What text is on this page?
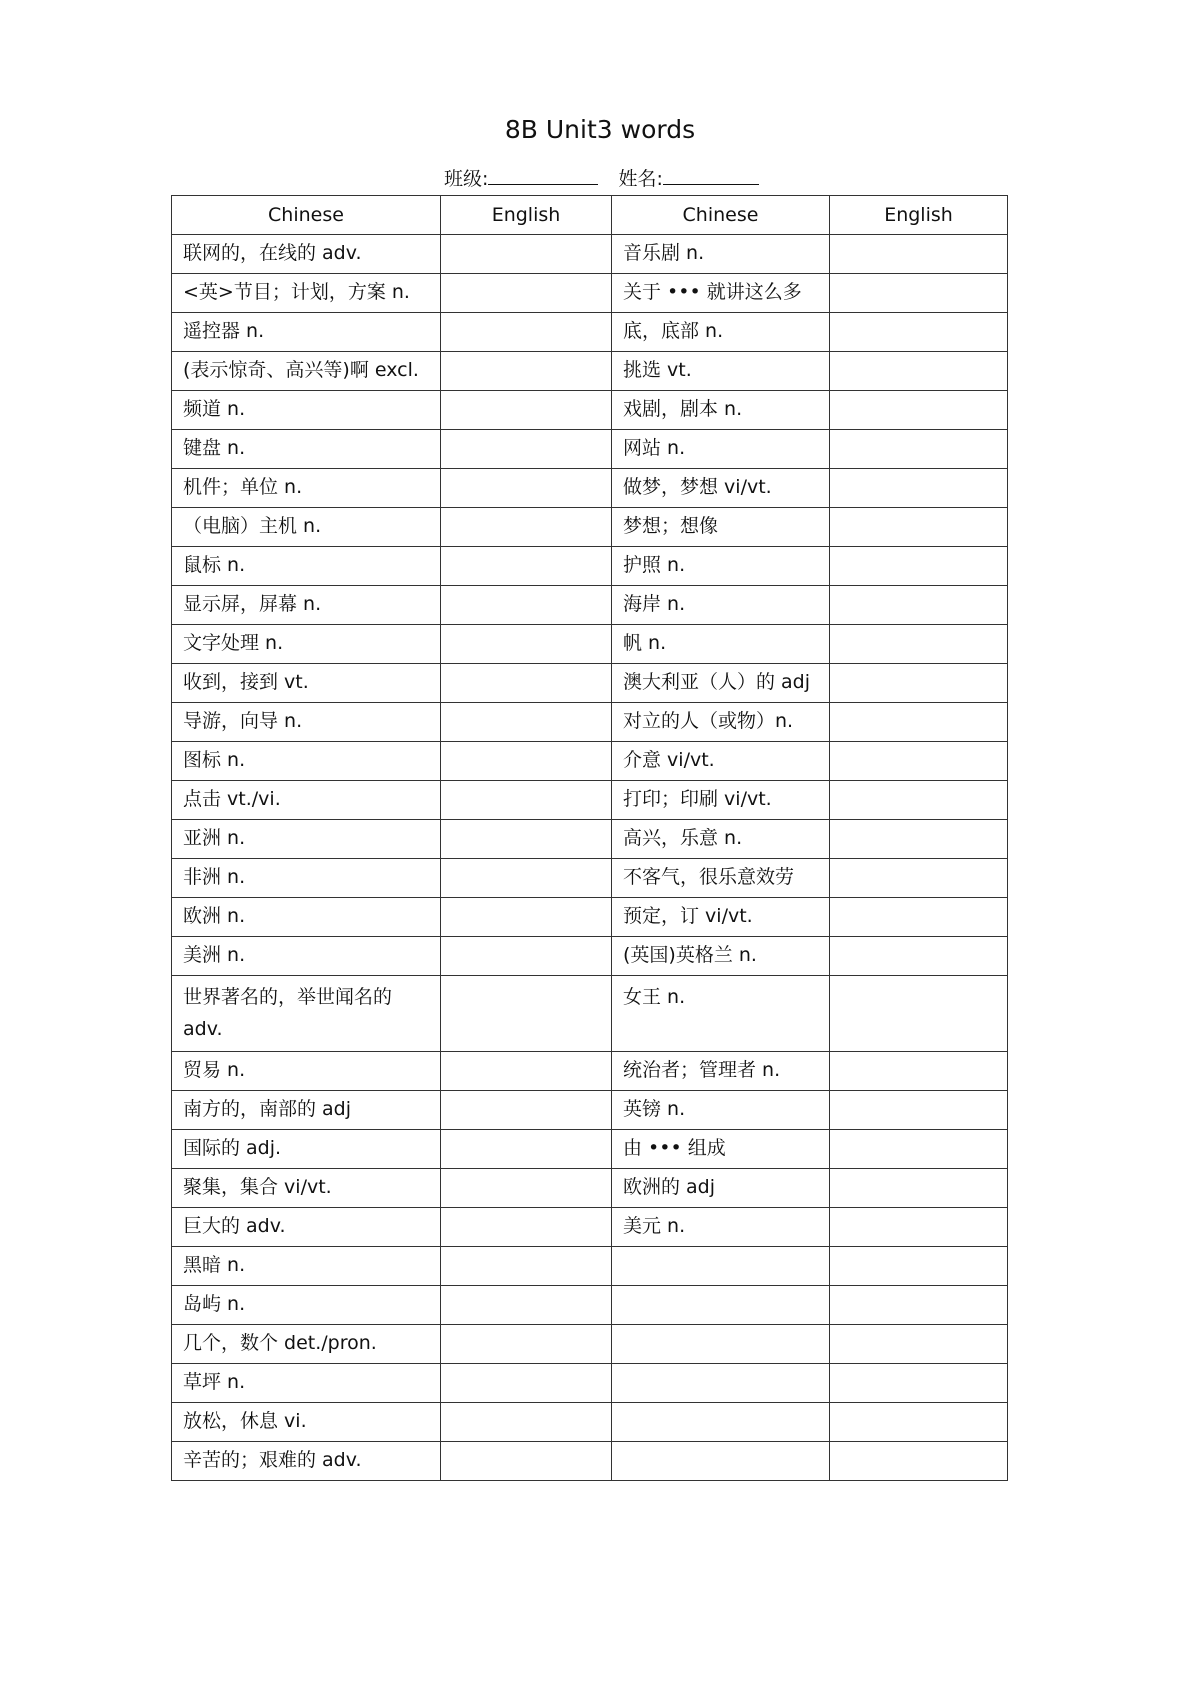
8B Unit3 words
班级:	姓名:
Chinese	English	Chinese	English

联网的，在线的 adv.		音乐剧 n.	

<英>节目；计划，方案 n.		关于 ••• 就讲这么多	

遥控器 n.		底，底部 n.	

(表示惊奇、高兴等)啊 excl.		挑选 vt.	

频道 n.		戏剧，剧本 n.	

键盘 n.		网站 n.	

机件；单位 n.		做梦，梦想 vi/vt.	

（电脑）主机 n.		梦想；想像	

鼠标 n.		护照 n.	

显示屏，屏幕 n.		海岸 n.	

文字处理 n.		帆 n.	

收到，接到 vt.		澳大利亚（人）的 adj	

导游，向导 n.		对立的人（或物）n.	

图标 n.		介意 vi/vt.	

点击 vt./vi.		打印；印刷 vi/vt.	

亚洲 n.		高兴，乐意 n.	

非洲 n.		不客气，很乐意效劳	

欧洲 n.		预定，订 vi/vt.	

美洲 n.		(英国)英格兰 n.	

世界著名的，举世闻名的 adv.		女王 n.	

贸易 n.		统治者；管理者 n.	

南方的，南部的 adj		英镑 n.	

国际的 adj.		由 ••• 组成	

聚集，集合 vi/vt.		欧洲的 adj	

巨大的 adv.		美元 n.	

黑暗 n.			

岛屿 n.			

几个，数个 det./pron.			

草坪 n.			

放松，休息 vi.			

辛苦的；艰难的 adv.			
